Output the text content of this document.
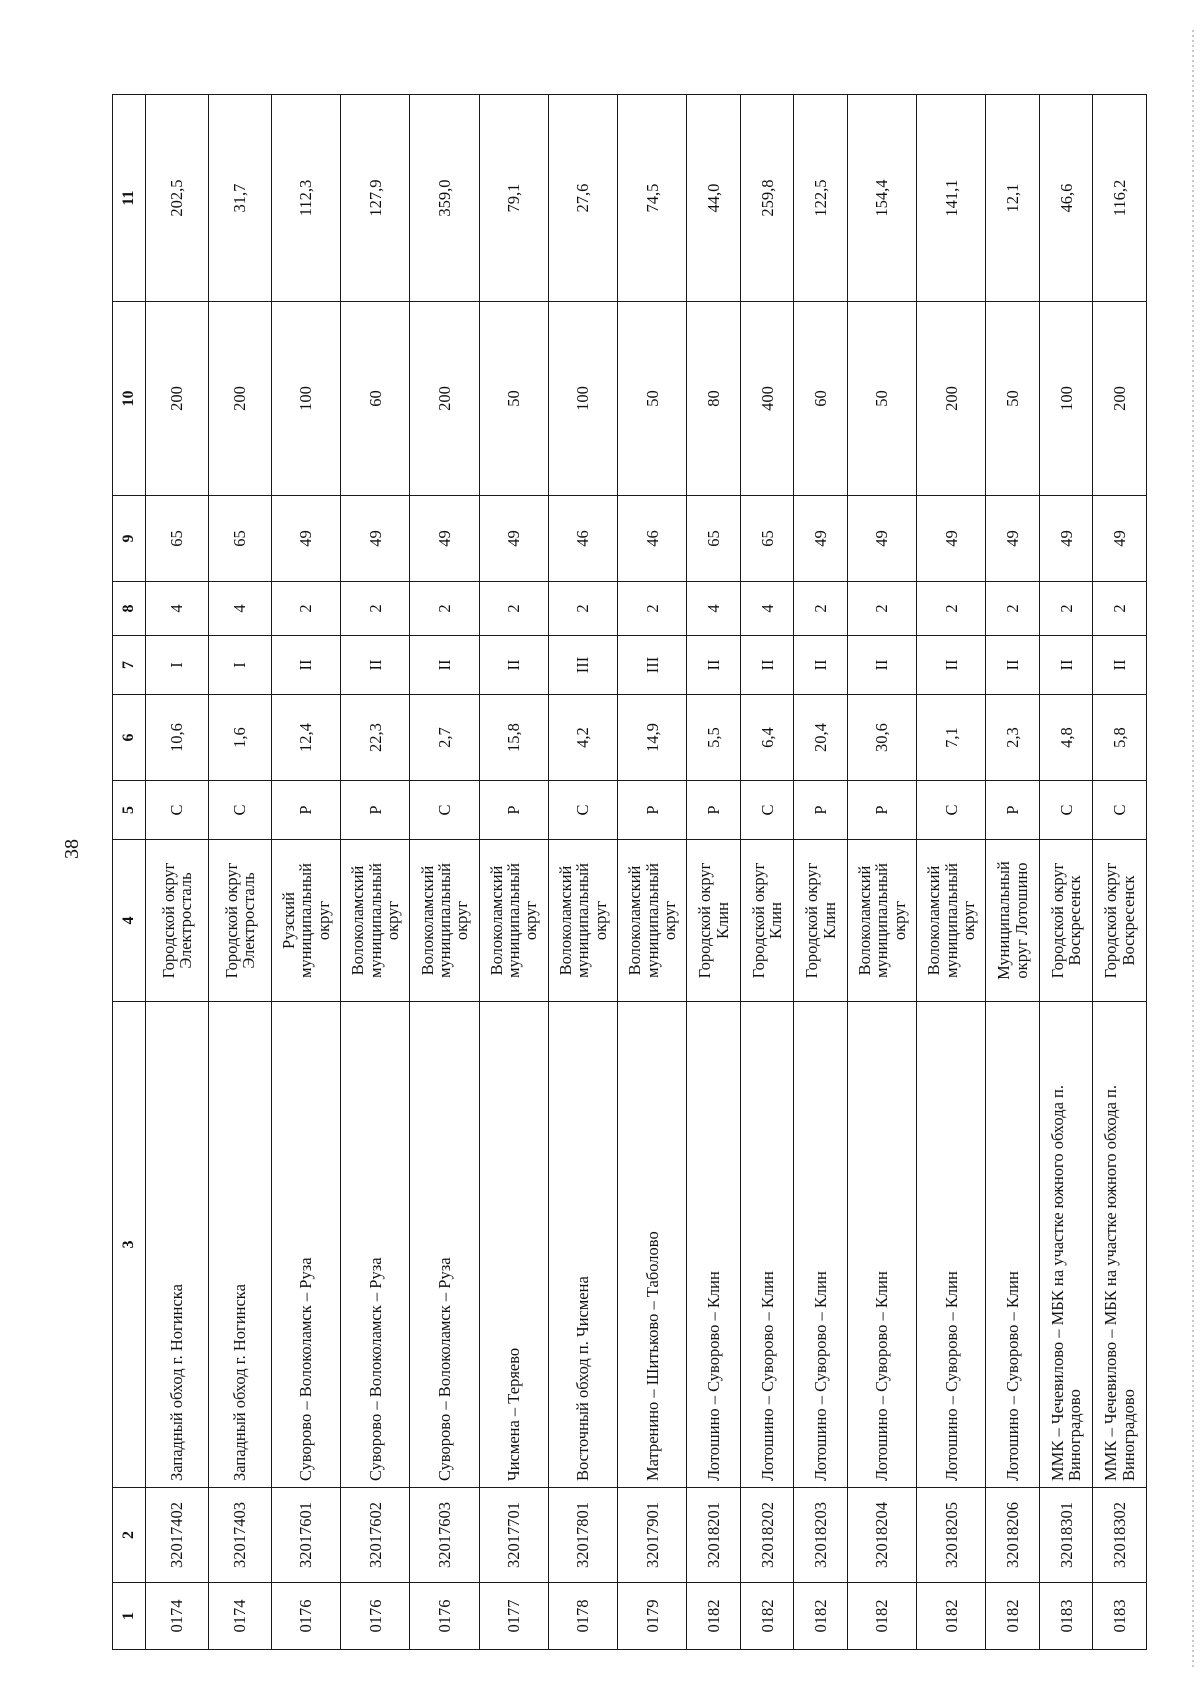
38
1	2	3	4	5	6	7	8	9	10	11
0174	32017402	Западный обход г. Ногинска	Городской округ Электросталь	С	10,6	I	4	65	200	202,5
0174	32017403	Западный обход г. Ногинска	Городской округ Электросталь	С	1,6	I	4	65	200	31,7
0176	32017601	Суворово – Волоколамск – Руза	Рузский муниципальный округ	Р	12,4	II	2	49	100	112,3
0176	32017602	Суворово – Волоколамск – Руза	Волоколамский муниципальный округ	Р	22,3	II	2	49	60	127,9
0176	32017603	Суворово – Волоколамск – Руза	Волоколамский муниципальный округ	С	2,7	II	2	49	200	359,0
0177	32017701	Чисмена – Теряево	Волоколамский муниципальный округ	Р	15,8	II	2	49	50	79,1
0178	32017801	Восточный обход п. Чисмена	Волоколамский муниципальный округ	С	4,2	III	2	46	100	27,6
0179	32017901	Матренино – Шитьково – Таболово	Волоколамский муниципальный округ	Р	14,9	III	2	46	50	74,5
0182	32018201	Лотошино – Суворово – Клин	Городской округ Клин	Р	5,5	II	4	65	80	44,0
0182	32018202	Лотошино – Суворово – Клин	Городской округ Клин	С	6,4	II	4	65	400	259,8
0182	32018203	Лотошино – Суворово – Клин	Городской округ Клин	Р	20,4	II	2	49	60	122,5
0182	32018204	Лотошино – Суворово – Клин	Волоколамский муниципальный округ	Р	30,6	II	2	49	50	154,4
0182	32018205	Лотошино – Суворово – Клин	Волоколамский муниципальный округ	С	7,1	II	2	49	200	141,1
0182	32018206	Лотошино – Суворово – Клин	Муниципальный округ Лотошино	Р	2,3	II	2	49	50	12,1
0183	32018301	ММК – Чечевилово – МБК на участке южного обхода п. Виноградово	Городской округ Воскресенск	С	4,8	II	2	49	100	46,6
0183	32018302	ММК – Чечевилово – МБК на участке южного обхода п. Виноградово	Городской округ Воскресенск	С	5,8	II	2	49	200	116,2
